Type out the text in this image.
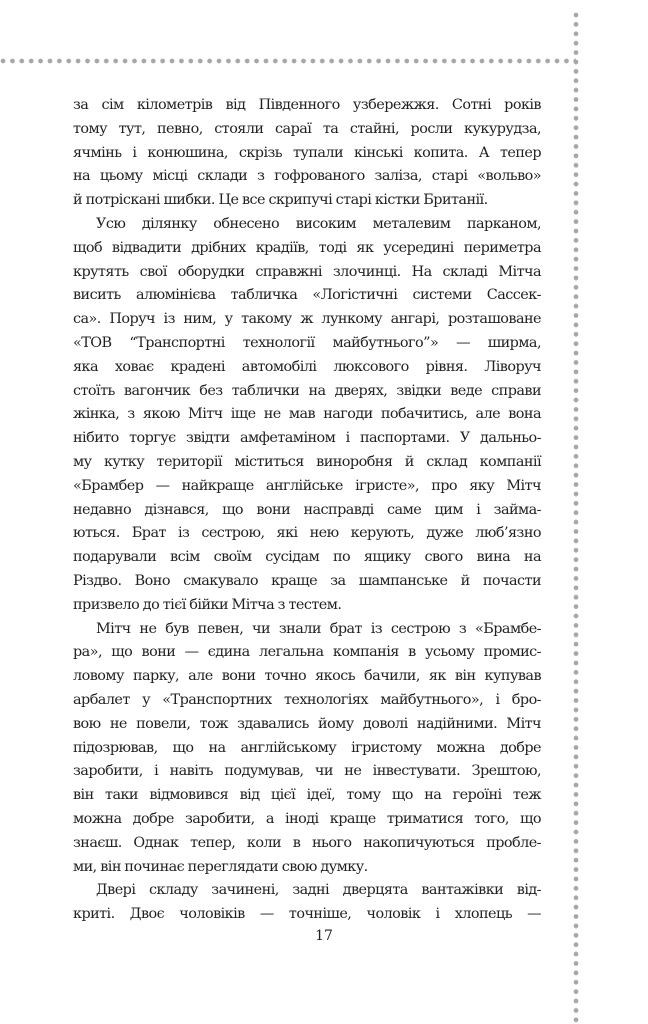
за сім кілометрів від Південного узбережжя. Сотні років
тому тут, певно, стояли сараї та стайні, росли кукурудза,
ячмінь і конюшина, скрізь тупали кінські копита. А тепер
на цьому місці склади з гофрованого заліза, старі «вольво»
й потріскані шибки. Це все скрипучі старі кістки Британії.

Усю ділянку обнесено високим металевим парканом,
щоб відвадити дрібних крадіїв, тоді як усередині периметра
крутять свої оборудки справжні злочинці. На складі Мітча
висить алюмінієва табличка «Логістичні системи Сассек-
са». Поруч із ним, у такому ж лункому ангарі, розташоване
«ТОВ “Транспортні технології майбутнього”» — ширма,
яка ховає крадені автомобілі люксового рівня. Ліворуч
стоїть вагончик без таблички на дверях, звідки веде справи
жінка, з якою Мітч іще не мав нагоди побачитись, але вона
нібито торгує звідти амфетаміном і паспортами. У дальньо-
му кутку території міститься виноробня й склад компанії
«Брамбер — найкраще англійське ігристе», про яку Мітч
недавно дізнався, що вони насправді саме цим і займа-
ються. Брат із сестрою, які нею керують, дуже люб’язно
подарували всім своїм сусідам по ящику свого вина на
Різдво. Воно смакувало краще за шампанське й почасти
призвело до тієї бійки Мітча з тестем.

Мітч не був певен, чи знали брат із сестрою з «Брамбе-
ра», що вони — єдина легальна компанія в усьому промис-
ловому парку, але вони точно якось бачили, як він купував
арбалет у «Транспортних технологіях майбутнього», і бро-
вою не повели, тож здавались йому доволі надійними. Мітч
підозрював, що на англійському ігристому можна добре
заробити, і навіть подумував, чи не інвестувати. Зрештою,
він таки відмовився від цієї ідеї, тому що на героїні теж
можна добре заробити, а іноді краще триматися того, що
знаєш. Однак тепер, коли в нього накопичуються пробле-
ми, він починає переглядати свою думку.

Двері складу зачинені, задні дверцята вантажівки від-
криті. Двоє чоловіків — точніше, чоловік і хлопець —

17
